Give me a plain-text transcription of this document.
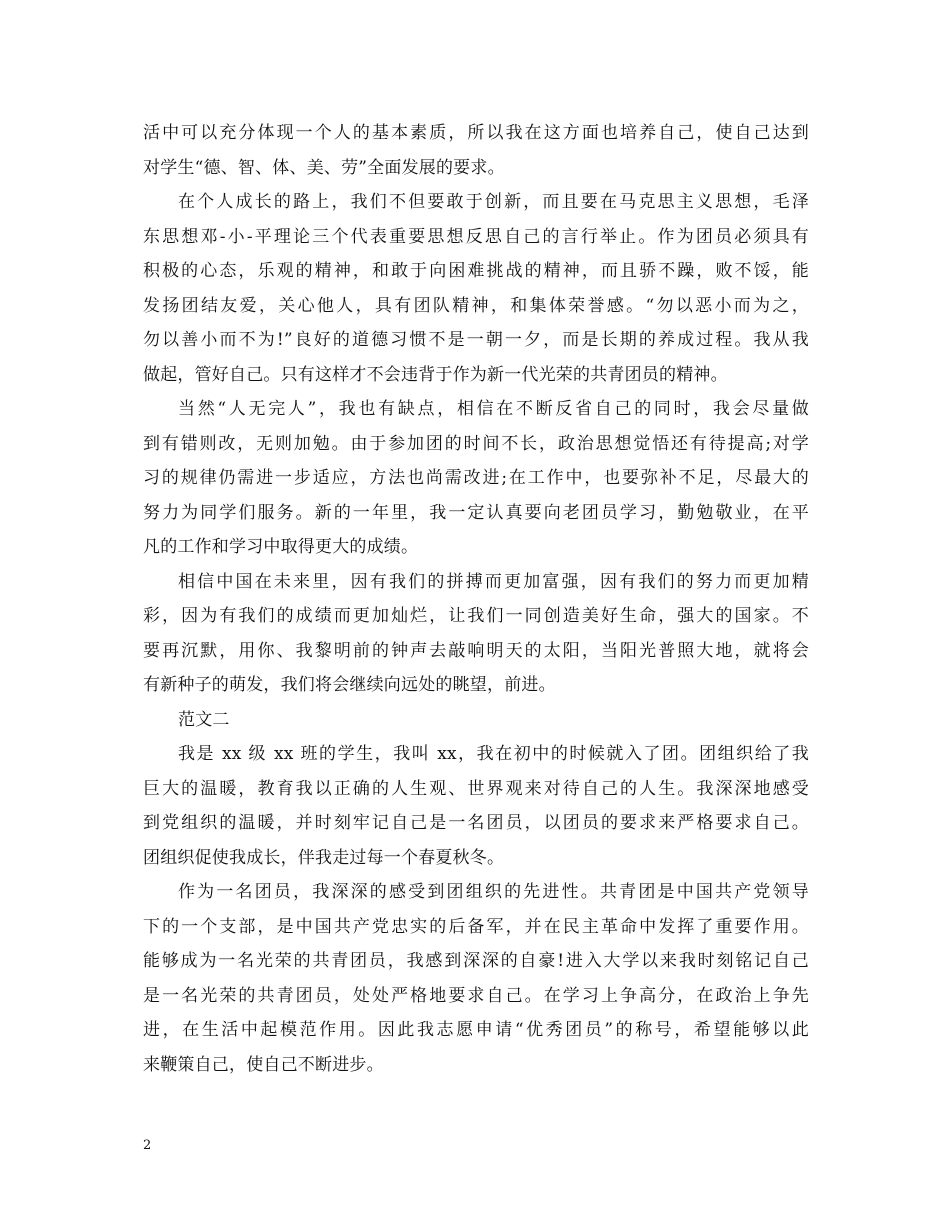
活中可以充分体现一个人的基本素质，所以我在这方面也培养自己，使自己达到
对学生“德、智、体、美、劳”全面发展的要求。
在个人成长的路上，我们不但要敢于创新，而且要在马克思主义思想，毛泽
东思想邓-小-平理论三个代表重要思想反思自己的言行举止。作为团员必须具有
积极的心态，乐观的精神，和敢于向困难挑战的精神，而且骄不躁，败不馁，能
发扬团结友爱，关心他人，具有团队精神，和集体荣誉感。“勿以恶小而为之，
勿以善小而不为!”良好的道德习惯不是一朝一夕，而是长期的养成过程。我从我
做起，管好自己。只有这样才不会违背于作为新一代光荣的共青团员的精神。
当然“人无完人”，我也有缺点，相信在不断反省自己的同时，我会尽量做
到有错则改，无则加勉。由于参加团的时间不长，政治思想觉悟还有待提高;对学
习的规律仍需进一步适应，方法也尚需改进;在工作中，也要弥补不足，尽最大的
努力为同学们服务。新的一年里，我一定认真要向老团员学习，勤勉敬业，在平
凡的工作和学习中取得更大的成绩。
相信中国在未来里，因有我们的拼搏而更加富强，因有我们的努力而更加精
彩，因为有我们的成绩而更加灿烂，让我们一同创造美好生命，强大的国家。不
要再沉默，用你、我黎明前的钟声去敲响明天的太阳，当阳光普照大地，就将会
有新种子的萌发，我们将会继续向远处的眺望，前进。
范文二
我是 xx 级 xx 班的学生，我叫 xx，我在初中的时候就入了团。团组织给了我
巨大的温暖，教育我以正确的人生观、世界观来对待自己的人生。我深深地感受
到党组织的温暖，并时刻牢记自己是一名团员，以团员的要求来严格要求自己。
团组织促使我成长，伴我走过每一个春夏秋冬。
作为一名团员，我深深的感受到团组织的先进性。共青团是中国共产党领导
下的一个支部，是中国共产党忠实的后备军，并在民主革命中发挥了重要作用。
能够成为一名光荣的共青团员，我感到深深的自豪!进入大学以来我时刻铭记自己
是一名光荣的共青团员，处处严格地要求自己。在学习上争高分，在政治上争先
进，在生活中起模范作用。因此我志愿申请“优秀团员”的称号，希望能够以此
来鞭策自己，使自己不断进步。
2
